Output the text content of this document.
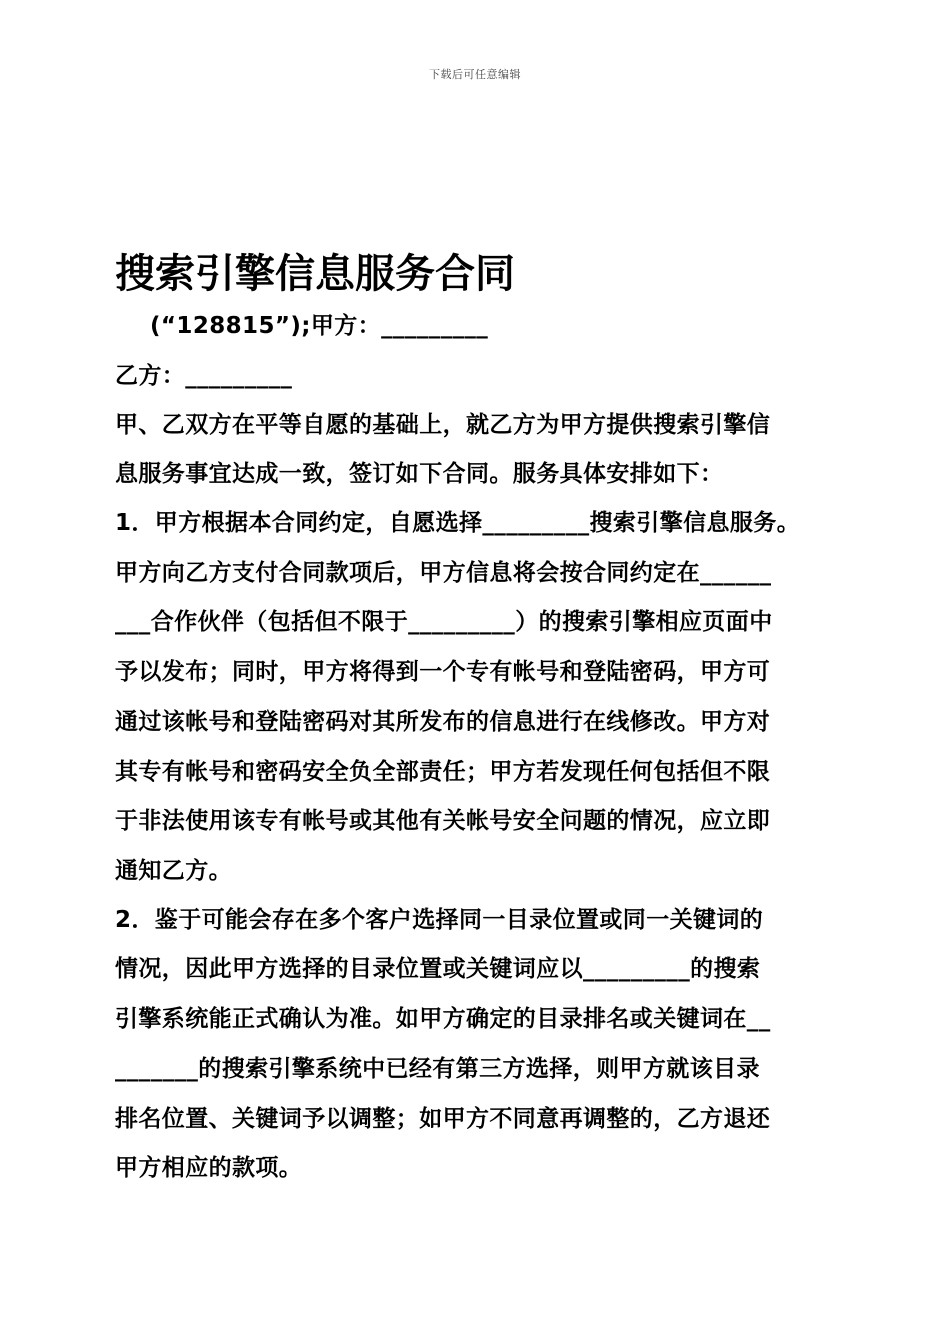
下载后可任意编辑
搜索引擎信息服务合同
(“128815”);甲方：_________
乙方：_________
甲、乙双方在平等自愿的基础上，就乙方为甲方提供搜索引擎信
息服务事宜达成一致，签订如下合同。服务具体安排如下：
1．甲方根据本合同约定，自愿选择_________搜索引擎信息服务。
甲方向乙方支付合同款项后，甲方信息将会按合同约定在______
___合作伙伴（包括但不限于_________）的搜索引擎相应页面中
予以发布；同时，甲方将得到一个专有帐号和登陆密码，甲方可
通过该帐号和登陆密码对其所发布的信息进行在线修改。甲方对
其专有帐号和密码安全负全部责任；甲方若发现任何包括但不限
于非法使用该专有帐号或其他有关帐号安全问题的情况，应立即
通知乙方。
2．鉴于可能会存在多个客户选择同一目录位置或同一关键词的
情况，因此甲方选择的目录位置或关键词应以_________的搜索
引擎系统能正式确认为准。如甲方确定的目录排名或关键词在__
_______的搜索引擎系统中已经有第三方选择，则甲方就该目录
排名位置、关键词予以调整；如甲方不同意再调整的，乙方退还
甲方相应的款项。
